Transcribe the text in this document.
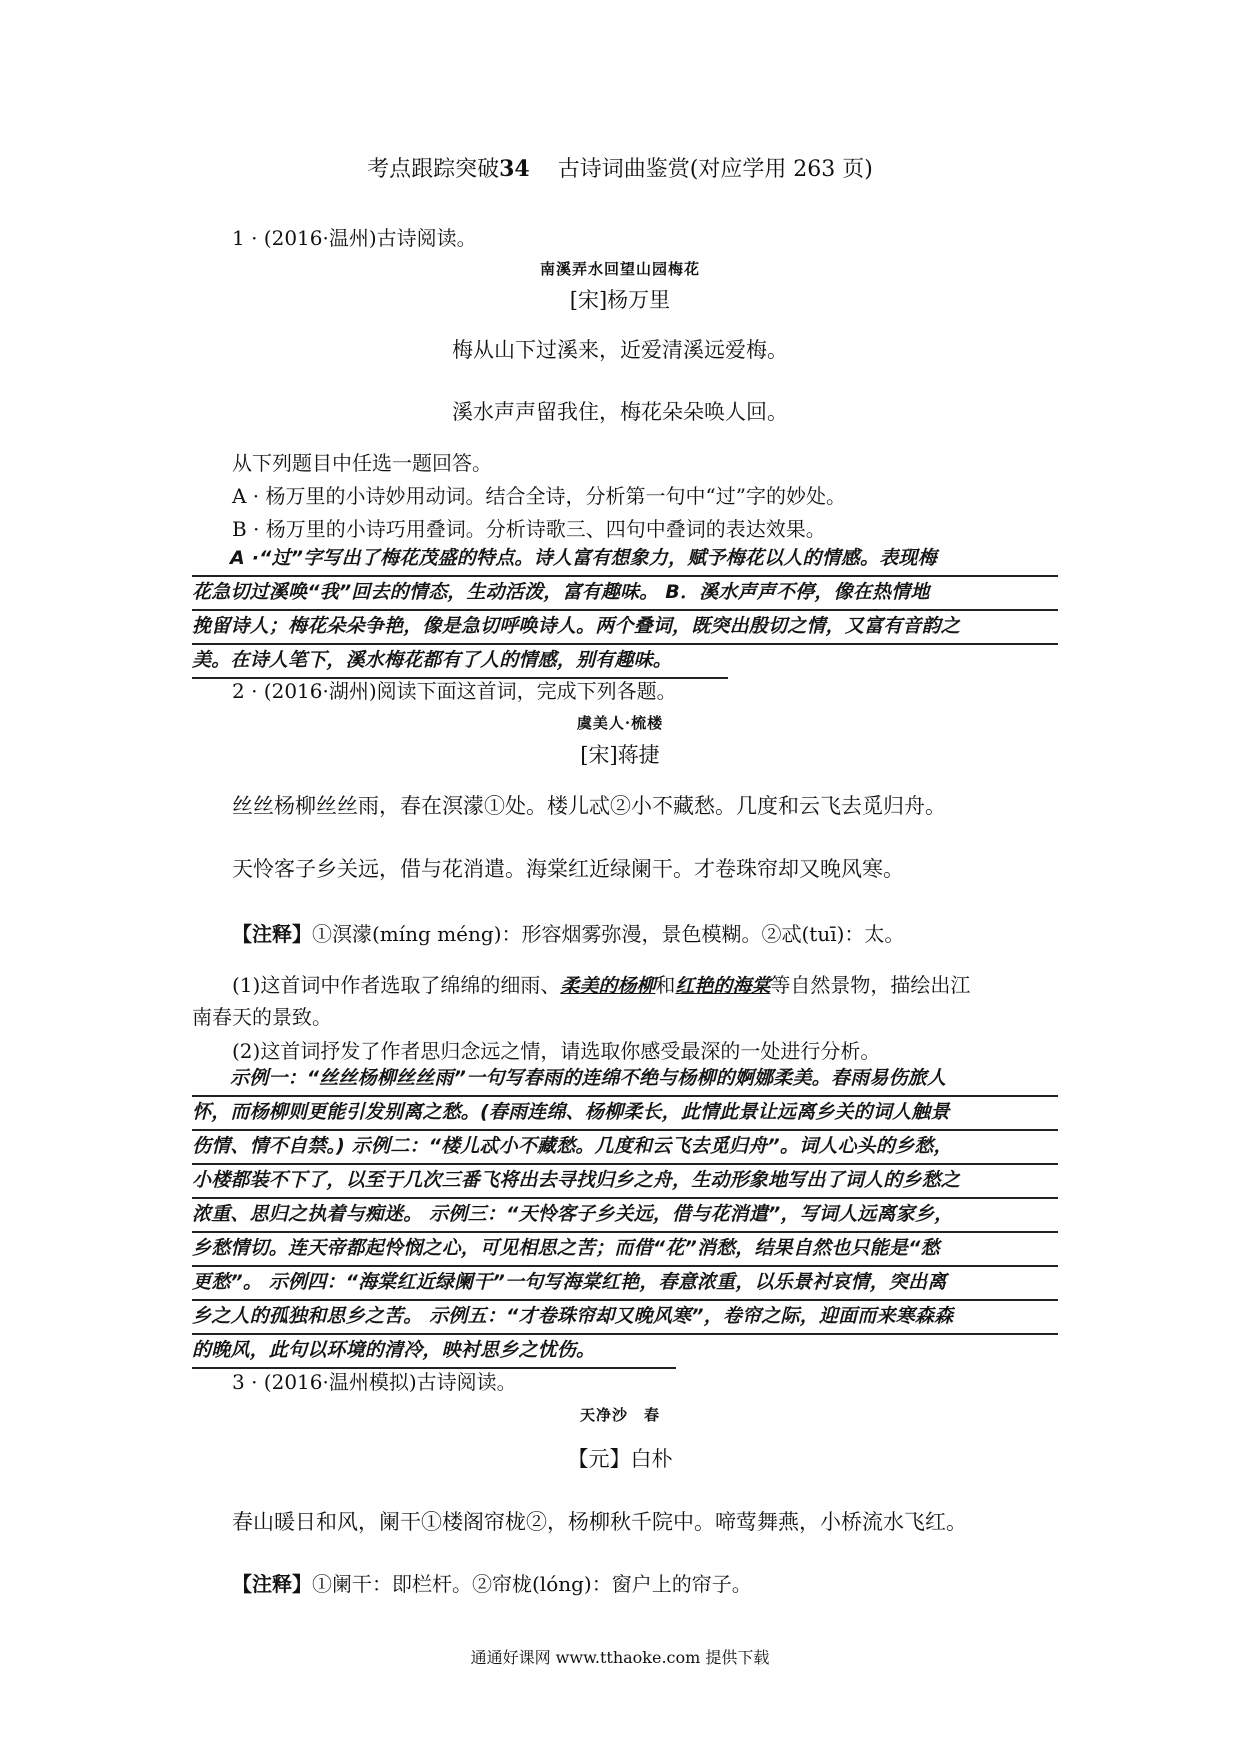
考点跟踪突破34 古诗词曲鉴赏(对应学用 263 页)
1 · (2016·温州)古诗阅读。
南溪弄水回望山园梅花
[宋]杨万里
梅从山下过溪来，近爱清溪远爱梅。
溪水声声留我住，梅花朵朵唤人回。
从下列题目中任选一题回答。
A · 杨万里的小诗妙用动词。结合全诗，分析第一句中“过”字的妙处。
B · 杨万里的小诗巧用叠词。分析诗歌三、四句中叠词的表达效果。
A ·“过”字写出了梅花茂盛的特点。诗人富有想象力，赋予梅花以人的情感。表现梅
花急切过溪唤“我”回去的情态，生动活泼，富有趣味。 B．溪水声声不停，像在热情地
挽留诗人；梅花朵朵争艳，像是急切呼唤诗人。两个叠词，既突出殷切之情，又富有音韵之
美。在诗人笔下，溪水梅花都有了人的情感，别有趣味。
2 · (2016·湖州)阅读下面这首词，完成下列各题。
虞美人·梳楼
[宋]蒋捷
丝丝杨柳丝丝雨，春在溟濛①处。楼儿忒②小不藏愁。几度和云飞去觅归舟。
天怜客子乡关远，借与花消遣。海棠红近绿阑干。才卷珠帘却又晚风寒。
【注释】①溟濛(míng méng)：形容烟雾弥漫，景色模糊。②忒(tuī)：太。
(1)这首词中作者选取了绵绵的细雨、柔美的杨柳和红艳的海棠等自然景物，描绘出江
南春天的景致。
(2)这首词抒发了作者思归念远之情，请选取你感受最深的一处进行分析。
示例一：“丝丝杨柳丝丝雨”一句写春雨的连绵不绝与杨柳的婀娜柔美。春雨易伤旅人
怀，而杨柳则更能引发别离之愁。(春雨连绵、杨柳柔长，此情此景让远离乡关的词人触景
伤情、情不自禁。) 示例二：“楼儿忒小不藏愁。几度和云飞去觅归舟”。词人心头的乡愁，
小楼都装不下了，以至于几次三番飞将出去寻找归乡之舟，生动形象地写出了词人的乡愁之
浓重、思归之执着与痴迷。 示例三：“天怜客子乡关远，借与花消遣”，写词人远离家乡，
乡愁情切。连天帝都起怜悯之心，可见相思之苦；而借“花”消愁，结果自然也只能是“愁
更愁”。 示例四：“海棠红近绿阑干”一句写海棠红艳，春意浓重，以乐景衬哀情，突出离
乡之人的孤独和思乡之苦。 示例五：“才卷珠帘却又晚风寒”，卷帘之际，迎面而来寒森森
的晚风，此句以环境的清冷，映衬思乡之忧伤。
3 · (2016·温州模拟)古诗阅读。
天净沙　春
【元】白朴
春山暖日和风，阑干①楼阁帘栊②，杨柳秋千院中。啼莺舞燕，小桥流水飞红。
【注释】①阑干：即栏杆。②帘栊(lóng)：窗户上的帘子。
通通好课网 www.tthaoke.com 提供下载
